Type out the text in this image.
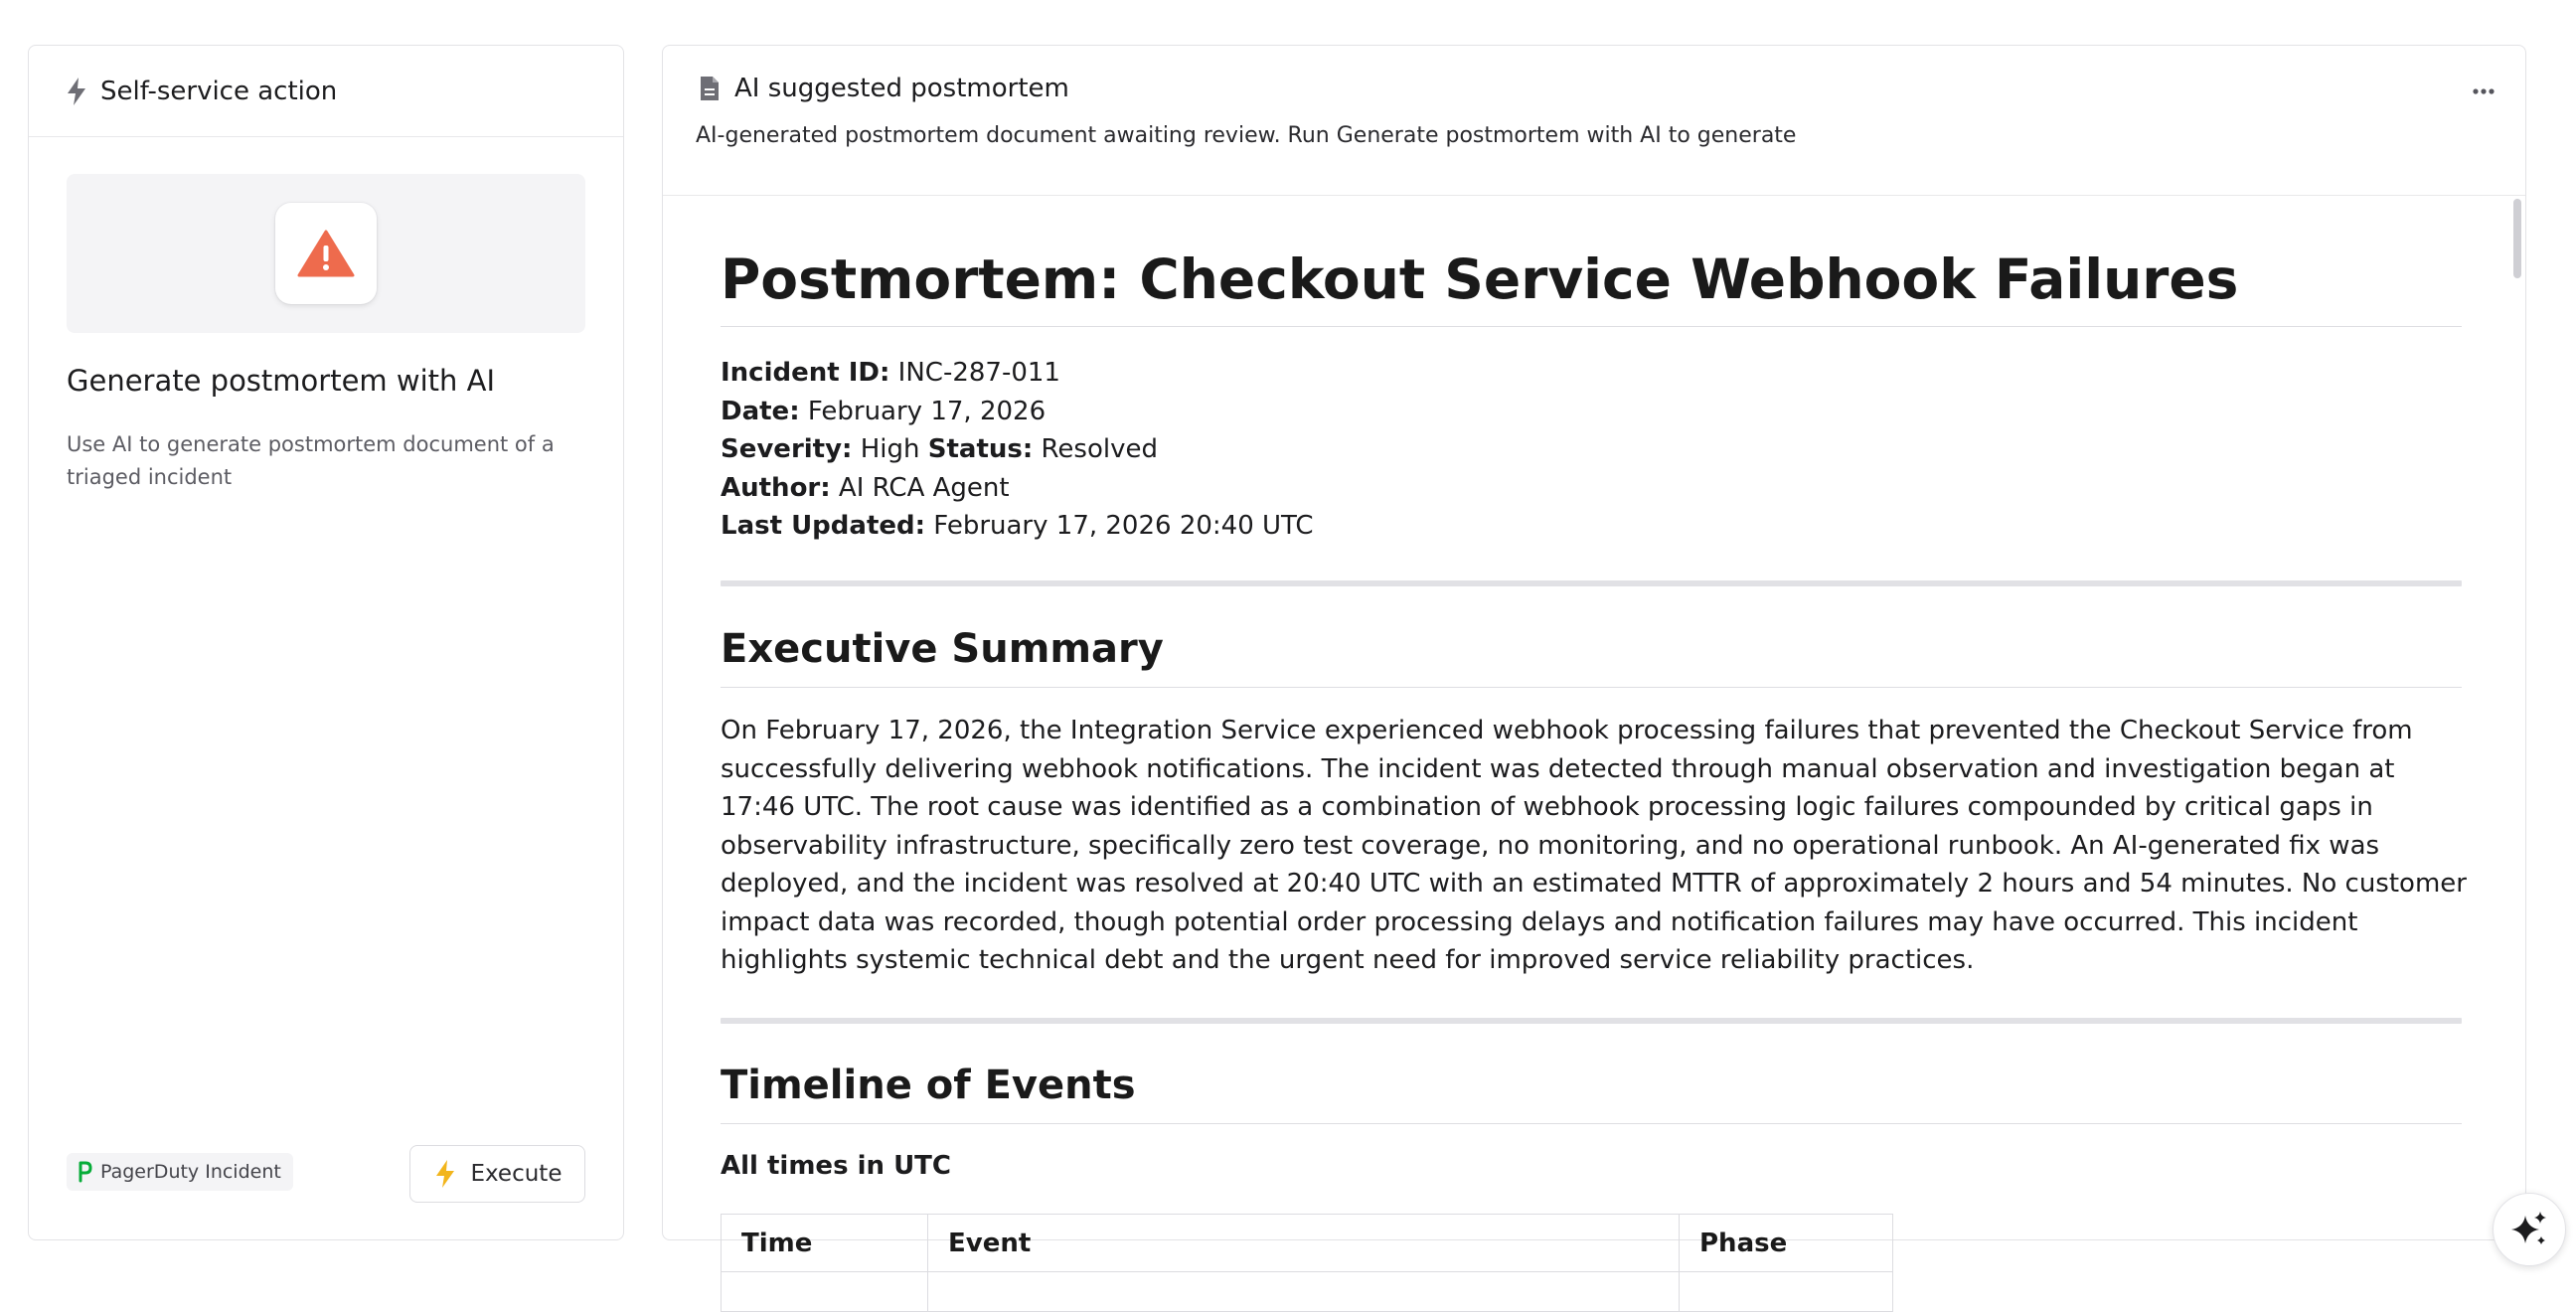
Self-service action
Generate postmortem with AI
Use AI to generate postmortem document of a triaged incident
PagerDuty Incident	Execute
AI suggested postmortem
AI-generated postmortem document awaiting review. Run Generate postmortem with AI to generate
Postmortem: Checkout Service Webhook Failures
Incident ID: INC-287-011
Date: February 17, 2026
Severity: High Status: Resolved
Author: AI RCA Agent
Last Updated: February 17, 2026 20:40 UTC
Executive Summary
On February 17, 2026, the Integration Service experienced webhook processing failures that prevented the Checkout Service from successfully delivering webhook notifications. The incident was detected through manual observation and investigation began at 17:46 UTC. The root cause was identified as a combination of webhook processing logic failures compounded by critical gaps in observability infrastructure, specifically zero test coverage, no monitoring, and no operational runbook. An AI-generated fix was deployed, and the incident was resolved at 20:40 UTC with an estimated MTTR of approximately 2 hours and 54 minutes. No customer impact data was recorded, though potential order processing delays and notification failures may have occurred. This incident highlights systemic technical debt and the urgent need for improved service reliability practices.
Timeline of Events
All times in UTC
Time	Event	Phase
